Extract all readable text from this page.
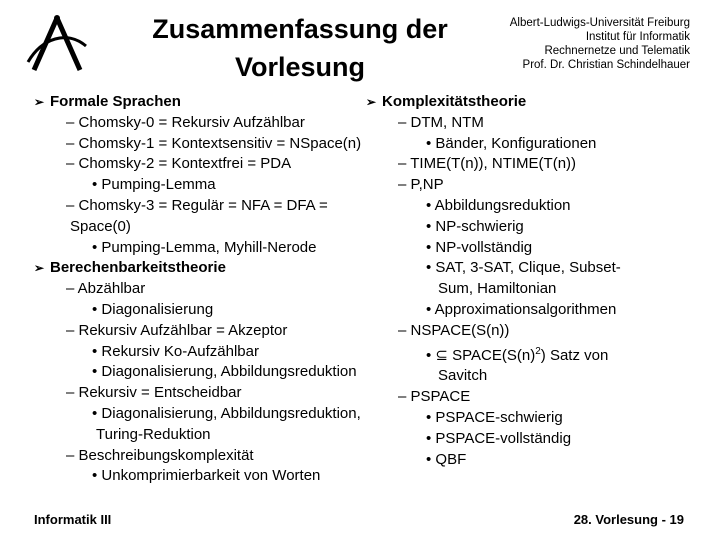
Zusammenfassung der
Vorlesung
Albert-Ludwigs-Universität Freiburg
Institut für Informatik
Rechnernetze und Telematik
Prof. Dr. Christian Schindelhauer
➢ Formale Sprachen
– Chomsky-0 = Rekursiv Aufzählbar
– Chomsky-1 = Kontextsensitiv = NSpace(n)
– Chomsky-2 = Kontextfrei = PDA
• Pumping-Lemma
– Chomsky-3 = Regulär = NFA = DFA =
Space(0)
• Pumping-Lemma, Myhill-Nerode
➢ Berechenbarkeitstheorie
– Abzählbar
• Diagonalisierung
– Rekursiv Aufzählbar = Akzeptor
• Rekursiv Ko-Aufzählbar
• Diagonalisierung, Abbildungsreduktion
– Rekursiv = Entscheidbar
• Diagonalisierung, Abbildungsreduktion,
Turing-Reduktion
– Beschreibungskomplexität
• Unkomprimierbarkeit von Worten
➢ Komplexitätstheorie
– DTM, NTM
• Bänder, Konfigurationen
– TIME(T(n)), NTIME(T(n))
– P,NP
• Abbildungsreduktion
• NP-schwierig
• NP-vollständig
• SAT, 3-SAT, Clique, Subset-
Sum, Hamiltonian
• Approximationsalgorithmen
– NSPACE(S(n))
• ⊆ $SPACE(S(n)^2)$ Satz von
Savitch
– PSPACE
• PSPACE-schwierig
• PSPACE-vollständig
• QBF
Informatik III	28. Vorlesung - 19
